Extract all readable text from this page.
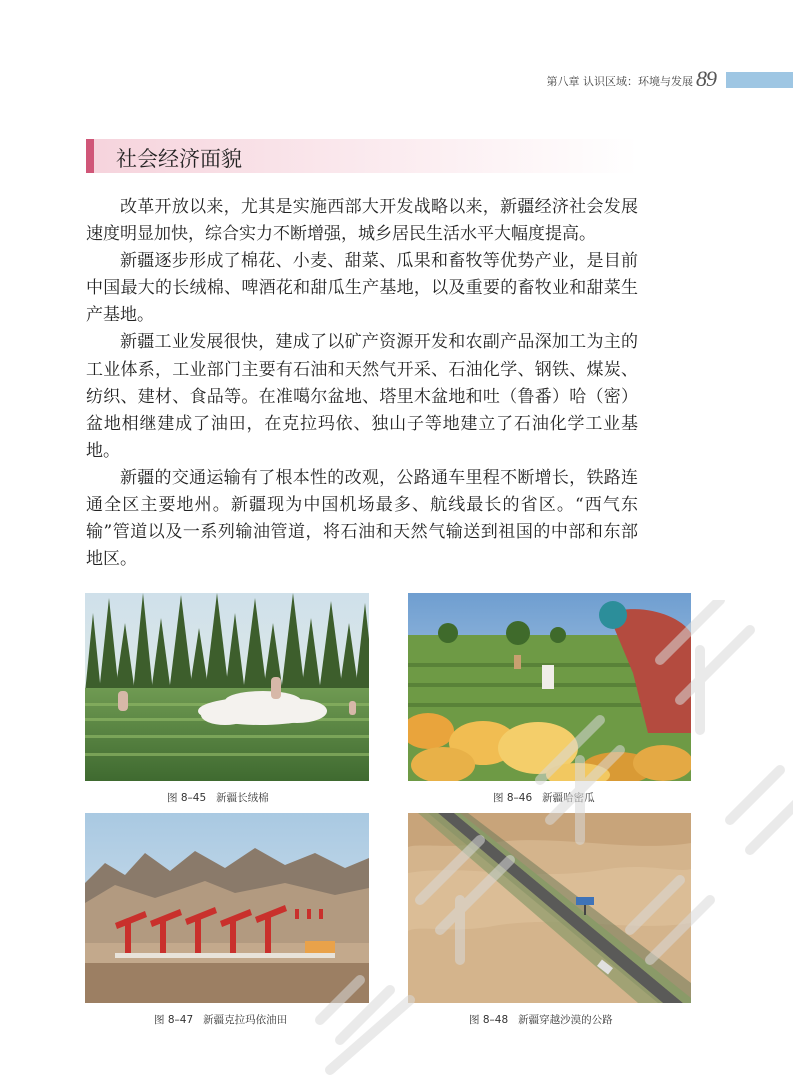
第八章 认识区域：环境与发展 89
社会经济面貌

改革开放以来，尤其是实施西部大开发战略以来，新疆经济社会发展速度明显加快，综合实力不断增强，城乡居民生活水平大幅度提高。

新疆逐步形成了棉花、小麦、甜菜、瓜果和畜牧等优势产业，是目前中国最大的长绒棉、啤酒花和甜瓜生产基地，以及重要的畜牧业和甜菜生产基地。

新疆工业发展很快，建成了以矿产资源开发和农副产品深加工为主的工业体系，工业部门主要有石油和天然气开采、石油化学、钢铁、煤炭、纺织、建材、食品等。在准噶尔盆地、塔里木盆地和吐（鲁番）哈（密）盆地相继建成了油田，在克拉玛依、独山子等地建立了石油化学工业基地。

新疆的交通运输有了根本性的改观，公路通车里程不断增长，铁路连通全区主要地州。新疆现为中国机场最多、航线最长的省区。“西气东输”管道以及一系列输油管道，将石油和天然气输送到祖国的中部和东部地区。

图 8–45 新疆长绒棉	图 8–46 新疆哈密瓜
图 8–47 新疆克拉玛依油田	图 8–48 新疆穿越沙漠的公路
